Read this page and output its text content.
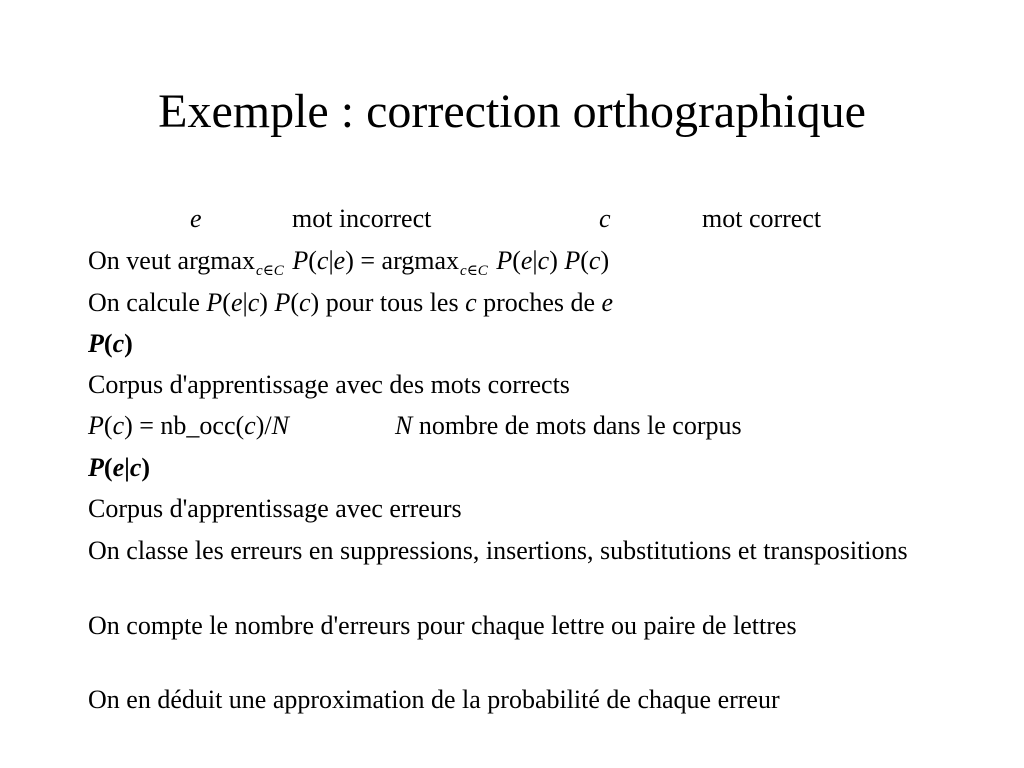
Exemple : correction orthographique
e	mot incorrect	c	mot correct
On veut argmax$_{c\in C}$ P(c|e) = argmax$_{c\in C}$ P(e|c) P(c)
On calcule P(e|c) P(c) pour tous les c proches de e
P(c)
Corpus d'apprentissage avec des mots corrects
P(c) = nb_occ(c)/N	N nombre de mots dans le corpus
P(e|c)
Corpus d'apprentissage avec erreurs
On classe les erreurs en suppressions, insertions, substitutions et transpositions
On compte le nombre d'erreurs pour chaque lettre ou paire de lettres
On en déduit une approximation de la probabilité de chaque erreur
